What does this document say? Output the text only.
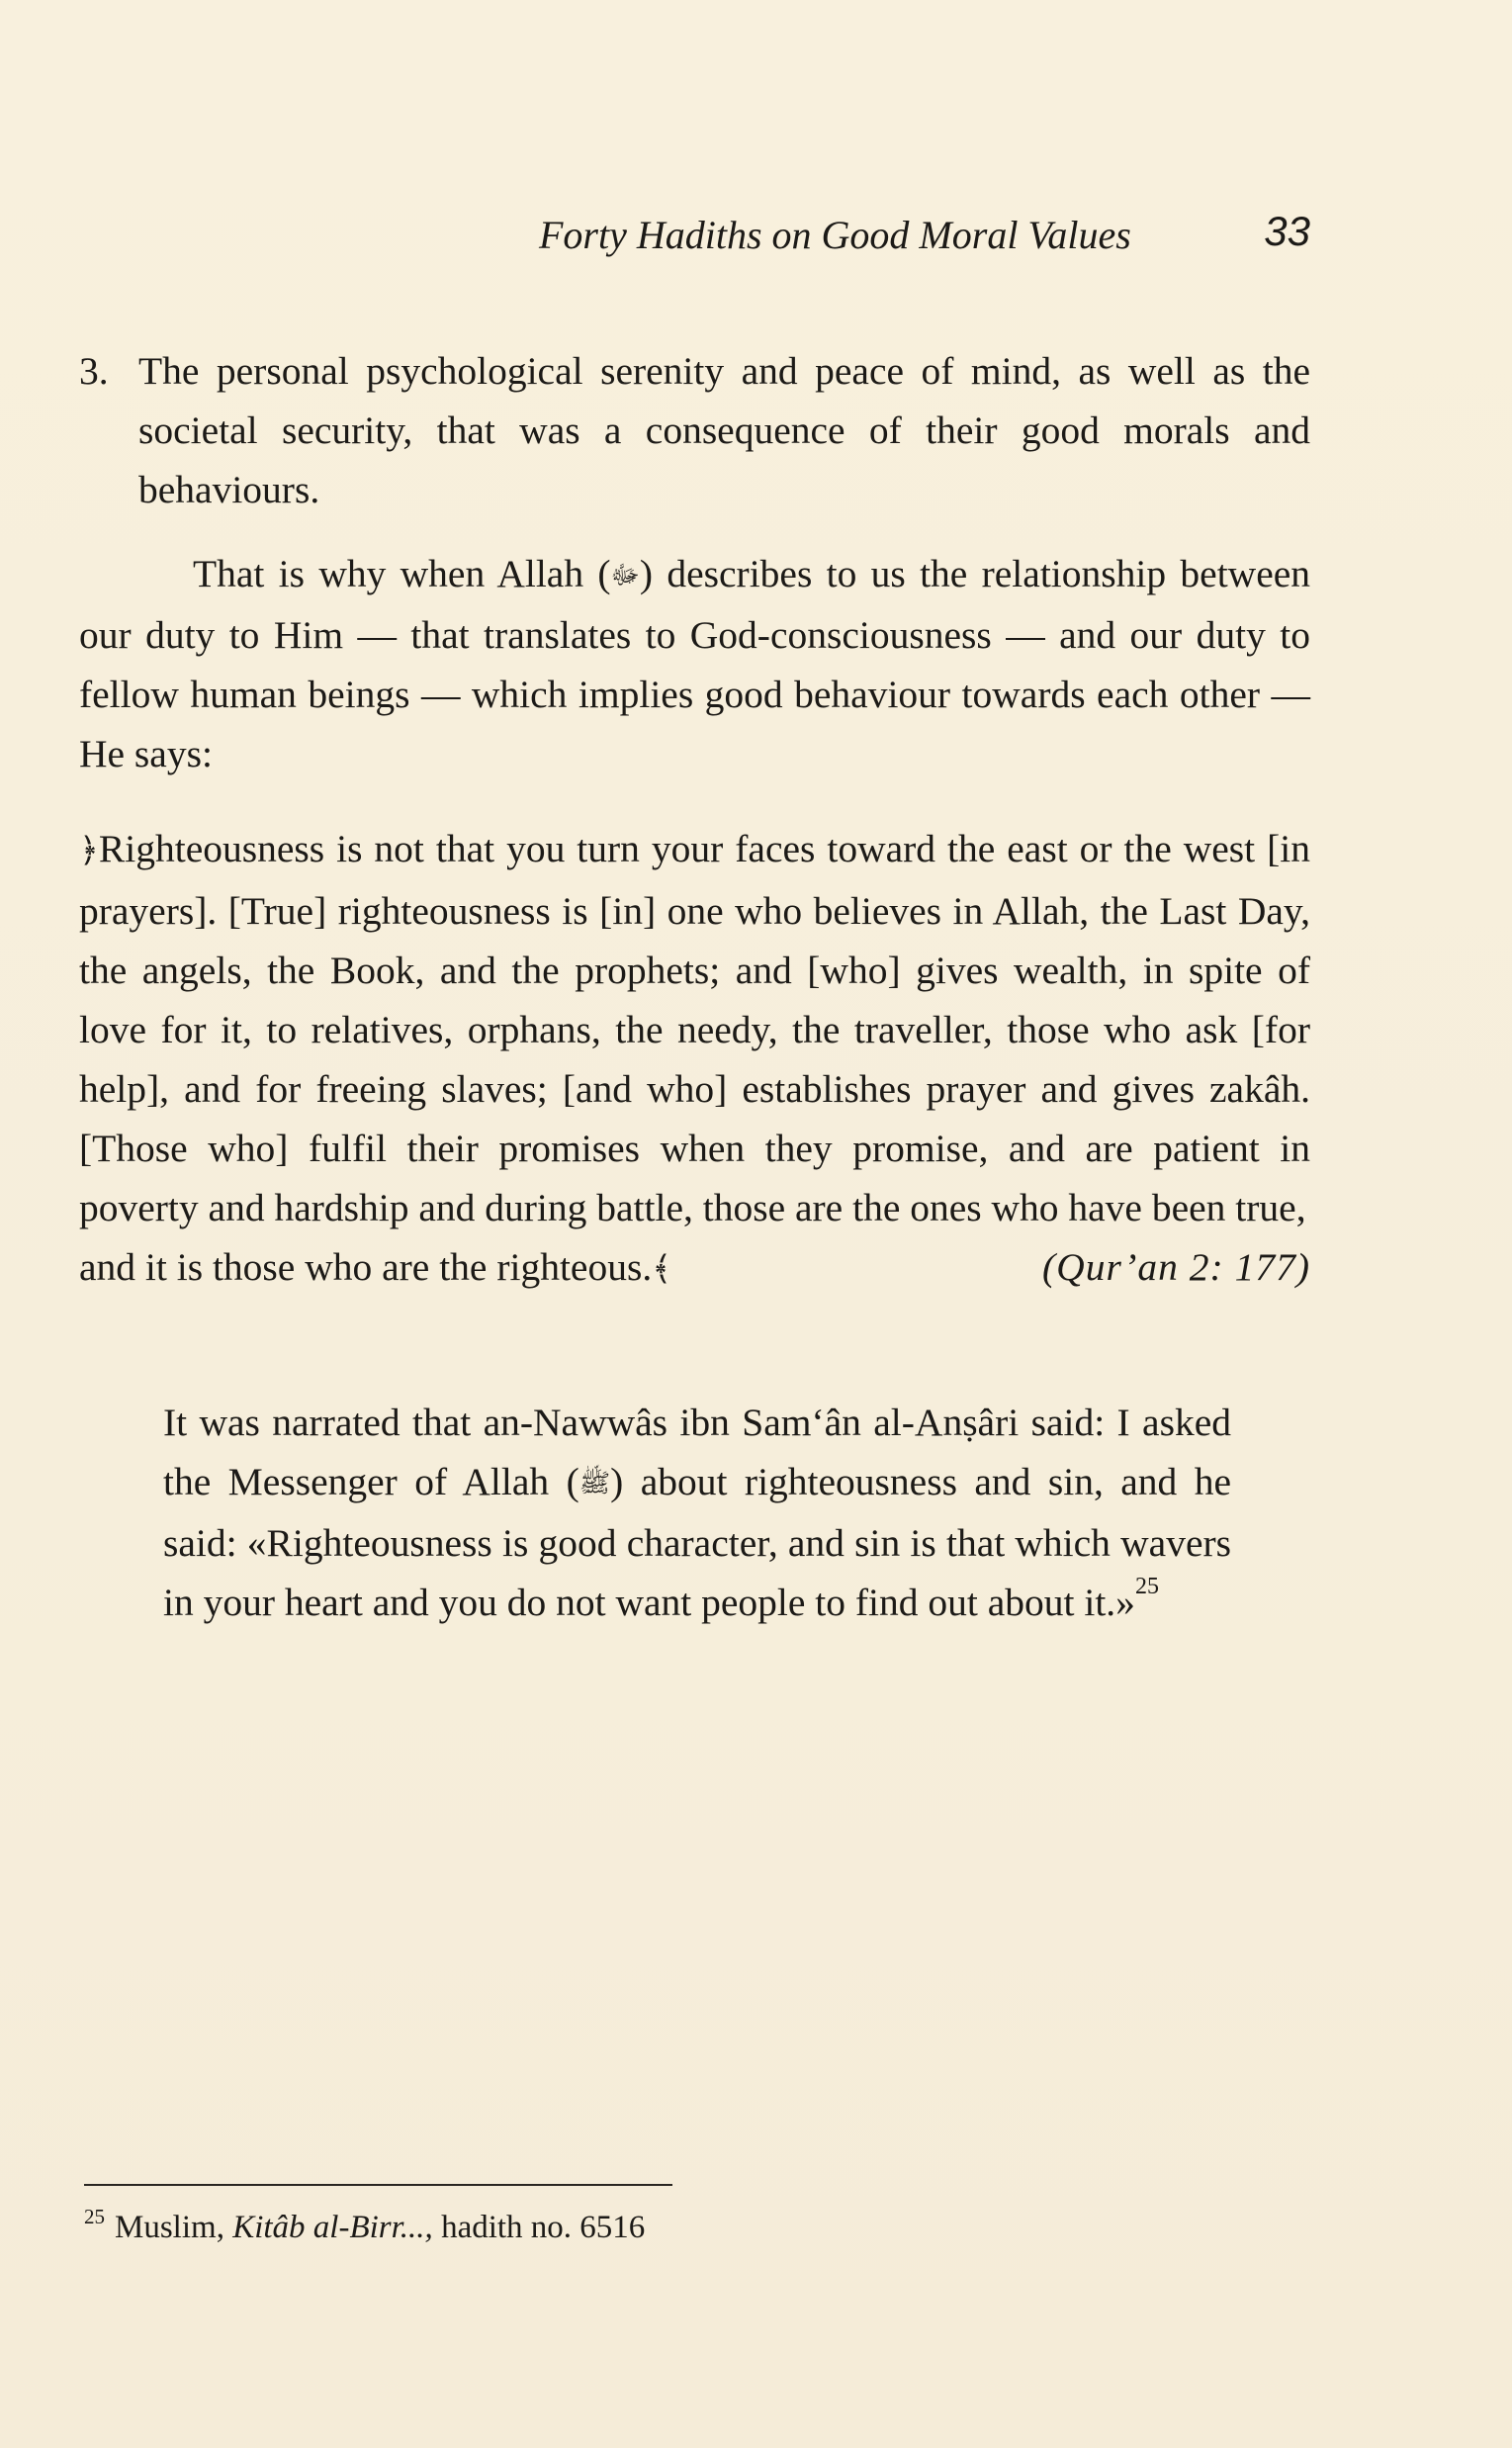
Forty Hadiths on Good Moral Values	33
3. The personal psychological serenity and peace of mind, as well as the societal security, that was a consequence of their good morals and behaviours.
That is why when Allah (ﷻ) describes to us the relationship between our duty to Him — that translates to God-consciousness — and our duty to fellow human beings — which implies good behaviour towards each other — He says:
﴿Righteousness is not that you turn your faces toward the east or the west [in prayers]. [True] righteousness is [in] one who believes in Allah, the Last Day, the angels, the Book, and the prophets; and [who] gives wealth, in spite of love for it, to relatives, orphans, the needy, the traveller, those who ask [for help], and for freeing slaves; [and who] establishes prayer and gives zakâh. [Those who] fulfil their promises when they promise, and are patient in poverty and hardship and during battle, those are the ones who have been true,
and it is those who are the righteous.﴾	(Qur’an 2: 177)
It was narrated that an-Nawwâs ibn Sam‘ân al-Anṣâri said: I asked the Messenger of Allah (ﷺ) about righteousness and sin, and he said: «Righteousness is good character, and sin is that which wavers in your heart and you do not want people to find out about it.»$^{25}$
$^{25}$ Muslim, Kitâb al-Birr..., hadith no. 6516
